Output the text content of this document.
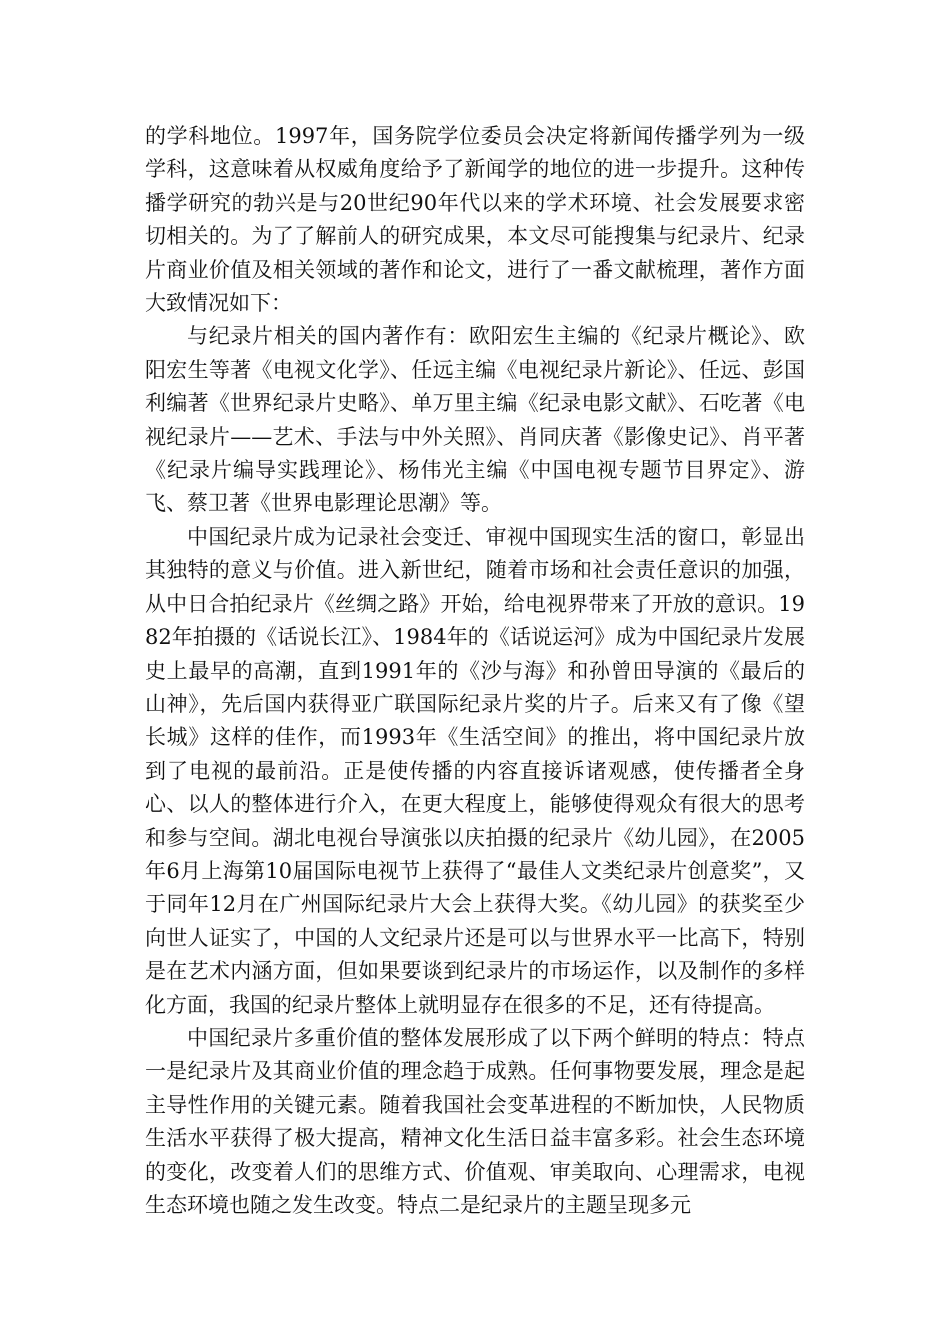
的学科地位。1997年，国务院学位委员会决定将新闻传播学列为一级学科，这意味着从权威角度给予了新闻学的地位的进一步提升。这种传播学研究的勃兴是与20世纪90年代以来的学术环境、社会发展要求密切相关的。为了了解前人的研究成果，本文尽可能搜集与纪录片、纪录片商业价值及相关领域的著作和论文，进行了一番文献梳理，著作方面大致情况如下：

与纪录片相关的国内著作有：欧阳宏生主编的《纪录片概论》、欧阳宏生等著《电视文化学》、任远主编《电视纪录片新论》、任远、彭国利编著《世界纪录片史略》、单万里主编《纪录电影文献》、石吃著《电视纪录片——艺术、手法与中外关照》、肖同庆著《影像史记》、肖平著《纪录片编导实践理论》、杨伟光主编《中国电视专题节目界定》、游飞、蔡卫著《世界电影理论思潮》等。

中国纪录片成为记录社会变迁、审视中国现实生活的窗口，彰显出其独特的意义与价值。进入新世纪，随着市场和社会责任意识的加强，从中日合拍纪录片《丝绸之路》开始，给电视界带来了开放的意识。1982年拍摄的《话说长江》、1984年的《话说运河》成为中国纪录片发展史上最早的高潮，直到1991年的《沙与海》和孙曾田导演的《最后的山神》，先后国内获得亚广联国际纪录片奖的片子。后来又有了像《望长城》这样的佳作，而1993年《生活空间》的推出，将中国纪录片放到了电视的最前沿。正是使传播的内容直接诉诸观感，使传播者全身心、以人的整体进行介入，在更大程度上，能够使得观众有很大的思考和参与空间。湖北电视台导演张以庆拍摄的纪录片《幼儿园》，在2005年6月上海第10届国际电视节上获得了“最佳人文类纪录片创意奖”，又于同年12月在广州国际纪录片大会上获得大奖。《幼儿园》的获奖至少向世人证实了，中国的人文纪录片还是可以与世界水平一比高下，特别是在艺术内涵方面，但如果要谈到纪录片的市场运作，以及制作的多样化方面，我国的纪录片整体上就明显存在很多的不足，还有待提高。

中国纪录片多重价值的整体发展形成了以下两个鲜明的特点：特点一是纪录片及其商业价值的理念趋于成熟。任何事物要发展，理念是起主导性作用的关键元素。随着我国社会变革进程的不断加快，人民物质生活水平获得了极大提高，精神文化生活日益丰富多彩。社会生态环境的变化，改变着人们的思维方式、价值观、审美取向、心理需求，电视生态环境也随之发生改变。特点二是纪录片的主题呈现多元
